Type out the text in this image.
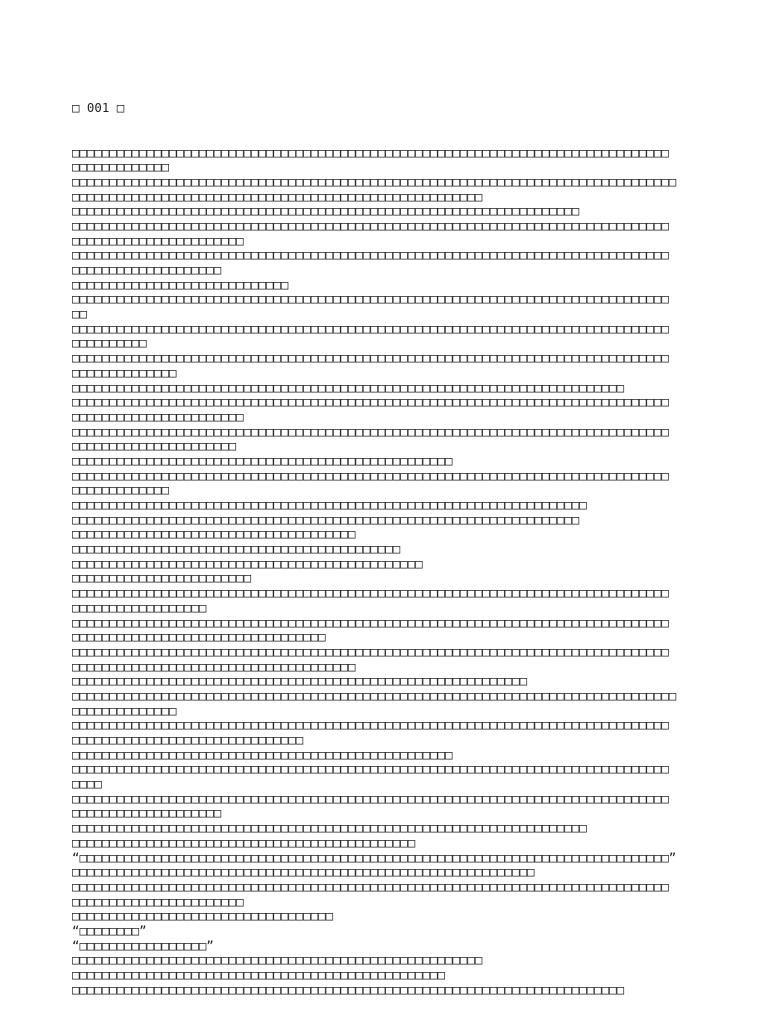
□ 001 □

□□□□□□□□□□□□□□□□□□□□□□□□□□□□□□□□□□□□□□□□□□□□□□□□□□□□□□□□□□□□□□□□□□□□□□□□□□□□□□□□
□□□□□□□□□□□□□
□□□□□□□□□□□□□□□□□□□□□□□□□□□□□□□□□□□□□□□□□□□□□□□□□□□□□□□□□□□□□□□□□□□□□□□□□□□□□□□□□
□□□□□□□□□□□□□□□□□□□□□□□□□□□□□□□□□□□□□□□□□□□□□□□□□□□□□□□
□□□□□□□□□□□□□□□□□□□□□□□□□□□□□□□□□□□□□□□□□□□□□□□□□□□□□□□□□□□□□□□□□□□□
□□□□□□□□□□□□□□□□□□□□□□□□□□□□□□□□□□□□□□□□□□□□□□□□□□□□□□□□□□□□□□□□□□□□□□□□□□□□□□□□
□□□□□□□□□□□□□□□□□□□□□□□
□□□□□□□□□□□□□□□□□□□□□□□□□□□□□□□□□□□□□□□□□□□□□□□□□□□□□□□□□□□□□□□□□□□□□□□□□□□□□□□□
□□□□□□□□□□□□□□□□□□□□
□□□□□□□□□□□□□□□□□□□□□□□□□□□□□
□□□□□□□□□□□□□□□□□□□□□□□□□□□□□□□□□□□□□□□□□□□□□□□□□□□□□□□□□□□□□□□□□□□□□□□□□□□□□□□□
□□
□□□□□□□□□□□□□□□□□□□□□□□□□□□□□□□□□□□□□□□□□□□□□□□□□□□□□□□□□□□□□□□□□□□□□□□□□□□□□□□□
□□□□□□□□□□
□□□□□□□□□□□□□□□□□□□□□□□□□□□□□□□□□□□□□□□□□□□□□□□□□□□□□□□□□□□□□□□□□□□□□□□□□□□□□□□□
□□□□□□□□□□□□□□
□□□□□□□□□□□□□□□□□□□□□□□□□□□□□□□□□□□□□□□□□□□□□□□□□□□□□□□□□□□□□□□□□□□□□□□□□□
□□□□□□□□□□□□□□□□□□□□□□□□□□□□□□□□□□□□□□□□□□□□□□□□□□□□□□□□□□□□□□□□□□□□□□□□□□□□□□□□
□□□□□□□□□□□□□□□□□□□□□□□
□□□□□□□□□□□□□□□□□□□□□□□□□□□□□□□□□□□□□□□□□□□□□□□□□□□□□□□□□□□□□□□□□□□□□□□□□□□□□□□□
□□□□□□□□□□□□□□□□□□□□□□
□□□□□□□□□□□□□□□□□□□□□□□□□□□□□□□□□□□□□□□□□□□□□□□□□□□
□□□□□□□□□□□□□□□□□□□□□□□□□□□□□□□□□□□□□□□□□□□□□□□□□□□□□□□□□□□□□□□□□□□□□□□□□□□□□□□□
□□□□□□□□□□□□□
□□□□□□□□□□□□□□□□□□□□□□□□□□□□□□□□□□□□□□□□□□□□□□□□□□□□□□□□□□□□□□□□□□□□□
□□□□□□□□□□□□□□□□□□□□□□□□□□□□□□□□□□□□□□□□□□□□□□□□□□□□□□□□□□□□□□□□□□□□
□□□□□□□□□□□□□□□□□□□□□□□□□□□□□□□□□□□□□□
□□□□□□□□□□□□□□□□□□□□□□□□□□□□□□□□□□□□□□□□□□□□
□□□□□□□□□□□□□□□□□□□□□□□□□□□□□□□□□□□□□□□□□□□□□□□
□□□□□□□□□□□□□□□□□□□□□□□□
□□□□□□□□□□□□□□□□□□□□□□□□□□□□□□□□□□□□□□□□□□□□□□□□□□□□□□□□□□□□□□□□□□□□□□□□□□□□□□□□
□□□□□□□□□□□□□□□□□□
□□□□□□□□□□□□□□□□□□□□□□□□□□□□□□□□□□□□□□□□□□□□□□□□□□□□□□□□□□□□□□□□□□□□□□□□□□□□□□□□
□□□□□□□□□□□□□□□□□□□□□□□□□□□□□□□□□□
□□□□□□□□□□□□□□□□□□□□□□□□□□□□□□□□□□□□□□□□□□□□□□□□□□□□□□□□□□□□□□□□□□□□□□□□□□□□□□□□
□□□□□□□□□□□□□□□□□□□□□□□□□□□□□□□□□□□□□□
□□□□□□□□□□□□□□□□□□□□□□□□□□□□□□□□□□□□□□□□□□□□□□□□□□□□□□□□□□□□□
□□□□□□□□□□□□□□□□□□□□□□□□□□□□□□□□□□□□□□□□□□□□□□□□□□□□□□□□□□□□□□□□□□□□□□□□□□□□□□□□□
□□□□□□□□□□□□□□
□□□□□□□□□□□□□□□□□□□□□□□□□□□□□□□□□□□□□□□□□□□□□□□□□□□□□□□□□□□□□□□□□□□□□□□□□□□□□□□□
□□□□□□□□□□□□□□□□□□□□□□□□□□□□□□□
□□□□□□□□□□□□□□□□□□□□□□□□□□□□□□□□□□□□□□□□□□□□□□□□□□□
□□□□□□□□□□□□□□□□□□□□□□□□□□□□□□□□□□□□□□□□□□□□□□□□□□□□□□□□□□□□□□□□□□□□□□□□□□□□□□□□
□□□□
□□□□□□□□□□□□□□□□□□□□□□□□□□□□□□□□□□□□□□□□□□□□□□□□□□□□□□□□□□□□□□□□□□□□□□□□□□□□□□□□
□□□□□□□□□□□□□□□□□□□□
□□□□□□□□□□□□□□□□□□□□□□□□□□□□□□□□□□□□□□□□□□□□□□□□□□□□□□□□□□□□□□□□□□□□□
□□□□□□□□□□□□□□□□□□□□□□□□□□□□□□□□□□□□□□□□□□□□□□
“□□□□□□□□□□□□□□□□□□□□□□□□□□□□□□□□□□□□□□□□□□□□□□□□□□□□□□□□□□□□□□□□□□□□□□□□□□□□□□□”
□□□□□□□□□□□□□□□□□□□□□□□□□□□□□□□□□□□□□□□□□□□□□□□□□□□□□□□□□□□□□□
□□□□□□□□□□□□□□□□□□□□□□□□□□□□□□□□□□□□□□□□□□□□□□□□□□□□□□□□□□□□□□□□□□□□□□□□□□□□□□□□
□□□□□□□□□□□□□□□□□□□□□□□
□□□□□□□□□□□□□□□□□□□□□□□□□□□□□□□□□□□
“□□□□□□□□”
“□□□□□□□□□□□□□□□□□”
□□□□□□□□□□□□□□□□□□□□□□□□□□□□□□□□□□□□□□□□□□□□□□□□□□□□□□□
□□□□□□□□□□□□□□□□□□□□□□□□□□□□□□□□□□□□□□□□□□□□□□□□□□
□□□□□□□□□□□□□□□□□□□□□□□□□□□□□□□□□□□□□□□□□□□□□□□□□□□□□□□□□□□□□□□□□□□□□□□□□□
